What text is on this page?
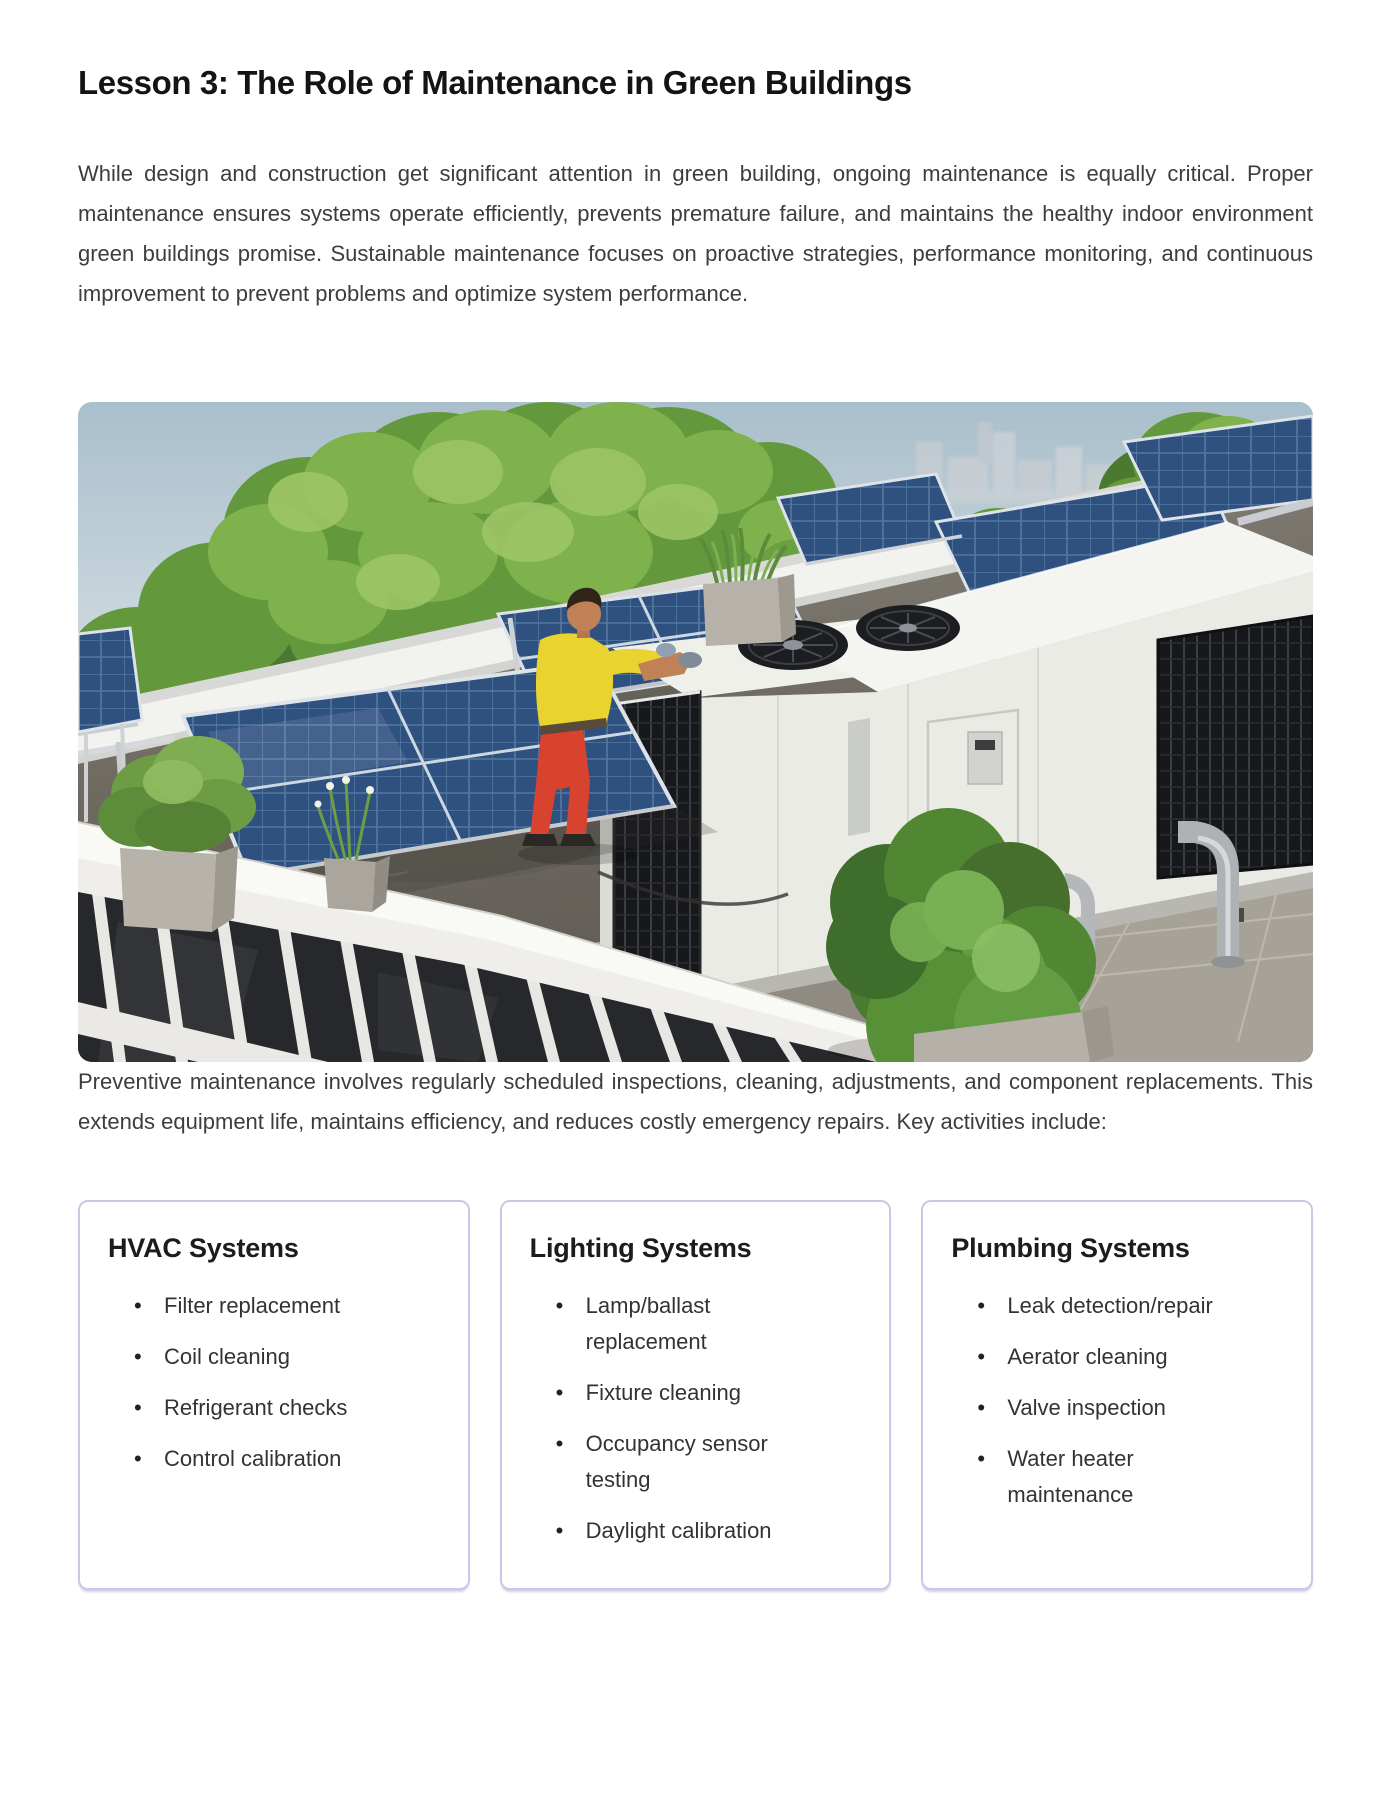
Lesson 3: The Role of Maintenance in Green Buildings

While design and construction get significant attention in green building, ongoing maintenance is equally critical. Proper maintenance ensures systems operate efficiently, prevents premature failure, and maintains the healthy indoor environment green buildings promise. Sustainable maintenance focuses on proactive strategies, performance monitoring, and continuous improvement to prevent problems and optimize system performance.

Preventive maintenance involves regularly scheduled inspections, cleaning, adjustments, and component replacements. This extends equipment life, maintains efficiency, and reduces costly emergency repairs. Key activities include:

HVAC Systems
• Filter replacement
• Coil cleaning
• Refrigerant checks
• Control calibration
Lighting Systems
• Lamp/ballast replacement
• Fixture cleaning
• Occupancy sensor testing
• Daylight calibration
Plumbing Systems
• Leak detection/repair
• Aerator cleaning
• Valve inspection
• Water heater maintenance
